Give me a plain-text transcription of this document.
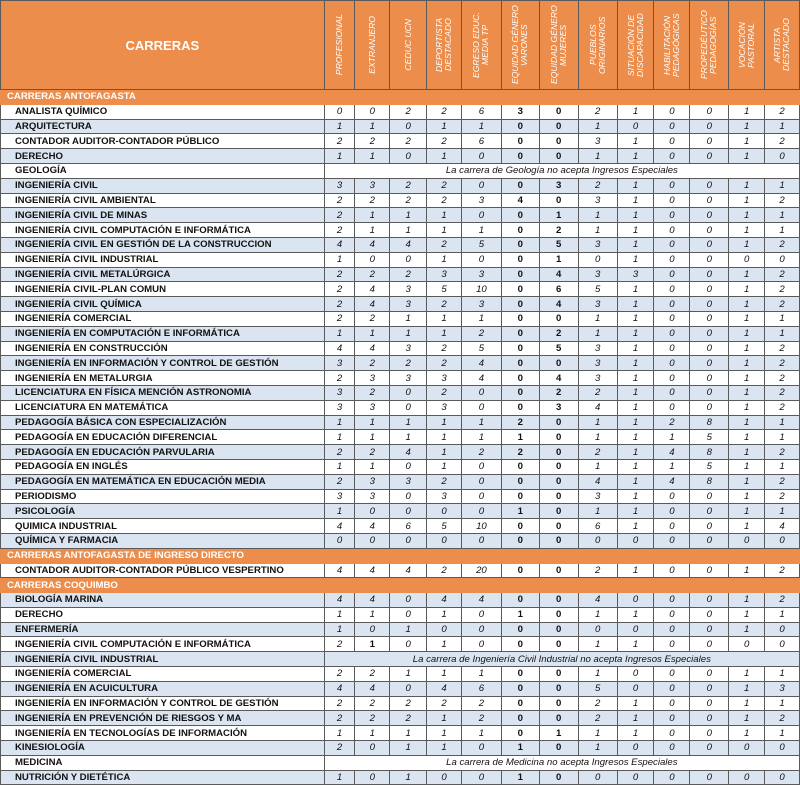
CARRERAS	PROFESIONAL	EXTRANJERO	CEDUC UCN	DEPORTISTA DESTACADO	EGRESO EDUC. MEDIA TP	EQUIDAD GÉNERO VARONES	EQUIDAD GÉNERO MUJERES	PUEBLOS ORIGINARIOS	SITUACIÓN DE DISCAPACIDAD	HABILITACIÓN PEDAGÓGICAS	PROPEDÉUTICO PEDAGOGÍAS	VOCACIÓN PASTORAL	ARTISTA DESTACADO

CARRERAS ANTOFAGASTA													
ANALISTA QUÍMICO	0	0	2	2	6	3	0	2	1	0	0	1	2
ARQUITECTURA	1	1	0	1	1	0	0	1	0	0	0	1	1
CONTADOR AUDITOR-CONTADOR PÚBLICO	2	2	2	2	6	0	0	3	1	0	0	1	2
DERECHO	1	1	0	1	0	0	0	1	1	0	0	1	0
GEOLOGÍA	La carrera de Geología no acepta Ingresos Especiales												
INGENIERÍA CIVIL	3	3	2	2	0	0	3	2	1	0	0	1	1
INGENIERÍA CIVIL AMBIENTAL	2	2	2	2	3	4	0	3	1	0	0	1	2
INGENIERÍA CIVIL DE MINAS	2	1	1	1	0	0	1	1	1	0	0	1	1
INGENIERÍA CIVIL COMPUTACIÓN E INFORMÁTICA	2	1	1	1	1	0	2	1	1	0	0	1	1
INGENIERÍA CIVIL EN GESTIÓN DE LA CONSTRUCCION	4	4	4	2	5	0	5	3	1	0	0	1	2
INGENIERÍA CIVIL INDUSTRIAL	1	0	0	1	0	0	1	0	1	0	0	0	0
INGENIERÍA CIVIL METALÚRGICA	2	2	2	3	3	0	4	3	3	0	0	1	2
INGENIERÍA CIVIL-PLAN COMUN	2	4	3	5	10	0	6	5	1	0	0	1	2
INGENIERÍA CIVIL QUÍMICA	2	4	3	2	3	0	4	3	1	0	0	1	2
INGENIERÍA COMERCIAL	2	2	1	1	1	0	0	1	1	0	0	1	1
INGENIERÍA EN COMPUTACIÓN E INFORMÁTICA	1	1	1	1	2	0	2	1	1	0	0	1	1
INGENIERÍA EN CONSTRUCCIÓN	4	4	3	2	5	0	5	3	1	0	0	1	2
INGENIERÍA EN INFORMACIÓN Y CONTROL DE GESTIÓN	3	2	2	2	4	0	0	3	1	0	0	1	2
INGENIERÍA EN METALURGIA	2	3	3	3	4	0	4	3	1	0	0	1	2
LICENCIATURA EN FÍSICA MENCIÓN ASTRONOMIA	3	2	0	2	0	0	2	2	1	0	0	1	2
LICENCIATURA EN MATEMÁTICA	3	3	0	3	0	0	3	4	1	0	0	1	2
PEDAGOGÍA BÁSICA CON ESPECIALIZACIÓN	1	1	1	1	1	2	0	1	1	2	8	1	1
PEDAGOGÍA EN EDUCACIÓN DIFERENCIAL	1	1	1	1	1	1	0	1	1	1	5	1	1
PEDAGOGÍA EN EDUCACIÓN PARVULARIA	2	2	4	1	2	2	0	2	1	4	8	1	2
PEDAGOGÍA EN INGLÉS	1	1	0	1	0	0	0	1	1	1	5	1	1
PEDAGOGÍA EN MATEMÁTICA EN EDUCACIÓN MEDIA	2	3	3	2	0	0	0	4	1	4	8	1	2
PERIODISMO	3	3	0	3	0	0	0	3	1	0	0	1	2
PSICOLOGÍA	1	0	0	0	0	1	0	1	1	0	0	1	1
QUIMICA INDUSTRIAL	4	4	6	5	10	0	0	6	1	0	0	1	4
QUÍMICA Y FARMACIA	0	0	0	0	0	0	0	0	0	0	0	0	0
CARRERAS ANTOFAGASTA DE INGRESO DIRECTO													
CONTADOR AUDITOR-CONTADOR PÚBLICO VESPERTINO	4	4	4	2	20	0	0	2	1	0	0	1	2
CARRERAS COQUIMBO													
BIOLOGÍA MARINA	4	4	0	4	4	0	0	4	0	0	0	1	2
DERECHO	1	1	0	1	0	1	0	1	1	0	0	1	1
ENFERMERÍA	1	0	1	0	0	0	0	0	0	0	0	1	0
INGENIERÍA CIVIL COMPUTACIÓN E INFORMÁTICA	2	1	0	1	0	0	0	1	1	0	0	0	0
INGENIERÍA CIVIL INDUSTRIAL	La carrera de Ingeniería Civil Industrial no acepta Ingresos Especiales												
INGENIERÍA COMERCIAL	2	2	1	1	1	0	0	1	0	0	0	1	1
INGENIERÍA EN ACUICULTURA	4	4	0	4	6	0	0	5	0	0	0	1	3
INGENIERÍA EN INFORMACIÓN Y CONTROL DE GESTIÓN	2	2	2	2	2	0	0	2	1	0	0	1	1
INGENIERÍA EN PREVENCIÓN DE RIESGOS Y MA	2	2	2	1	2	0	0	2	1	0	0	1	2
INGENIERÍA EN TECNOLOGÍAS DE INFORMACIÓN	1	1	1	1	1	0	1	1	1	0	0	1	1
KINESIOLOGÍA	2	0	1	1	0	1	0	1	0	0	0	0	0
MEDICINA	La carrera de Medicina no acepta Ingresos Especiales												
NUTRICIÓN Y DIETÉTICA	1	0	1	0	0	1	0	0	0	0	0	0	0
